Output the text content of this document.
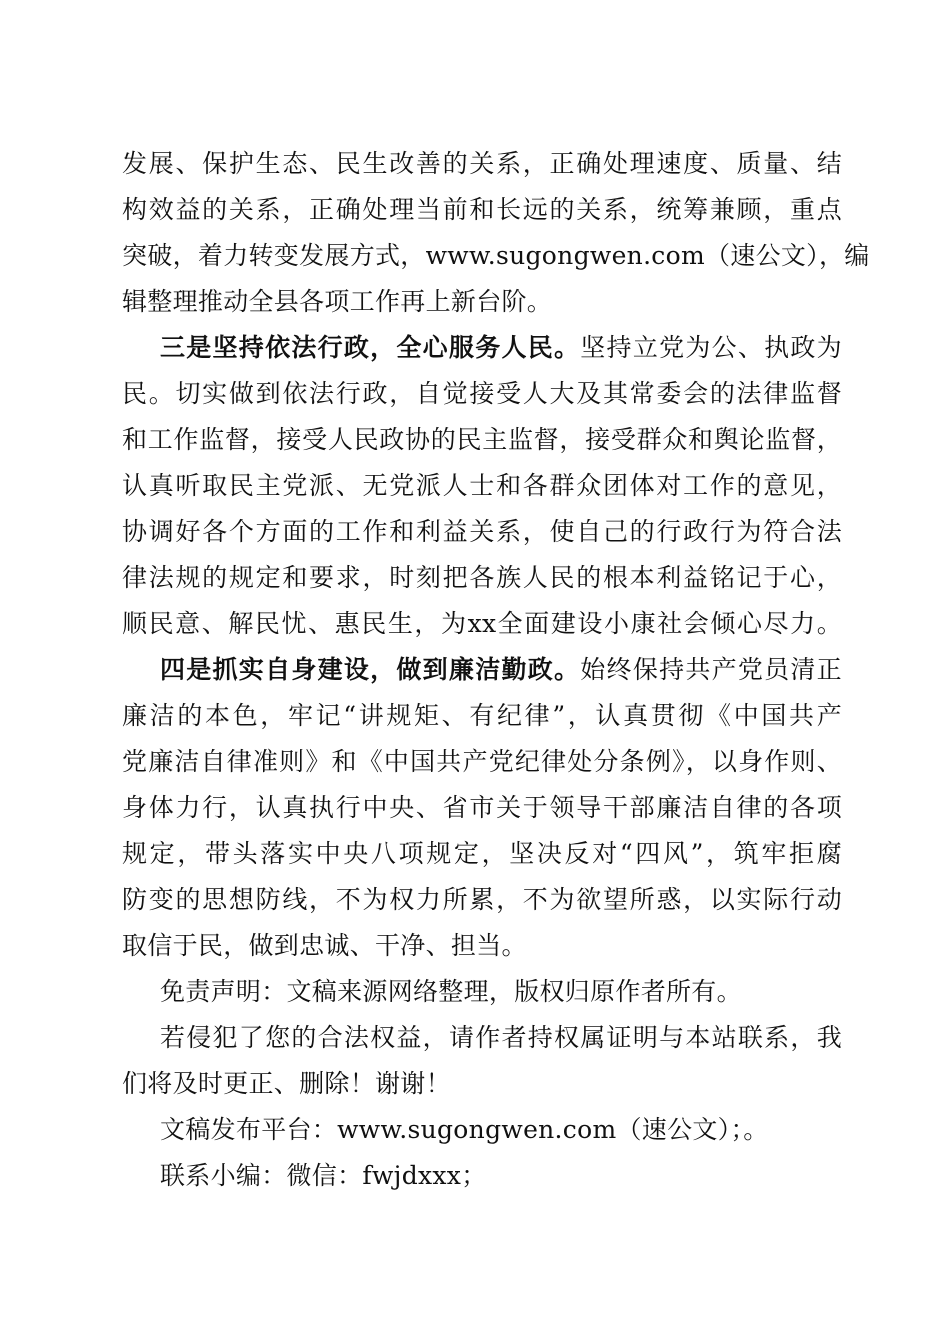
发展、保护生态、民生改善的关系，正确处理速度、质量、结
构效益的关系，正确处理当前和长远的关系，统筹兼顾，重点
突破，着力转变发展方式，www.sugongwen.com（速公文），编
辑整理推动全县各项工作再上新台阶。
三是坚持依法行政，全心服务人民。坚持立党为公、执政为
民。切实做到依法行政，自觉接受人大及其常委会的法律监督
和工作监督，接受人民政协的民主监督，接受群众和舆论监督，
认真听取民主党派、无党派人士和各群众团体对工作的意见，
协调好各个方面的工作和利益关系，使自己的行政行为符合法
律法规的规定和要求，时刻把各族人民的根本利益铭记于心，
顺民意、解民忧、惠民生，为xx全面建设小康社会倾心尽力。
四是抓实自身建设，做到廉洁勤政。始终保持共产党员清正
廉洁的本色，牢记“讲规矩、有纪律”，认真贯彻《中国共产
党廉洁自律准则》和《中国共产党纪律处分条例》，以身作则、
身体力行，认真执行中央、省市关于领导干部廉洁自律的各项
规定，带头落实中央八项规定，坚决反对“四风”，筑牢拒腐
防变的思想防线，不为权力所累，不为欲望所惑，以实际行动
取信于民，做到忠诚、干净、担当。
免责声明：文稿来源网络整理，版权归原作者所有。
若侵犯了您的合法权益，请作者持权属证明与本站联系，我
们将及时更正、删除！谢谢！
文稿发布平台：www.sugongwen.com（速公文）；。
联系小编：微信：fwjdxxx；
